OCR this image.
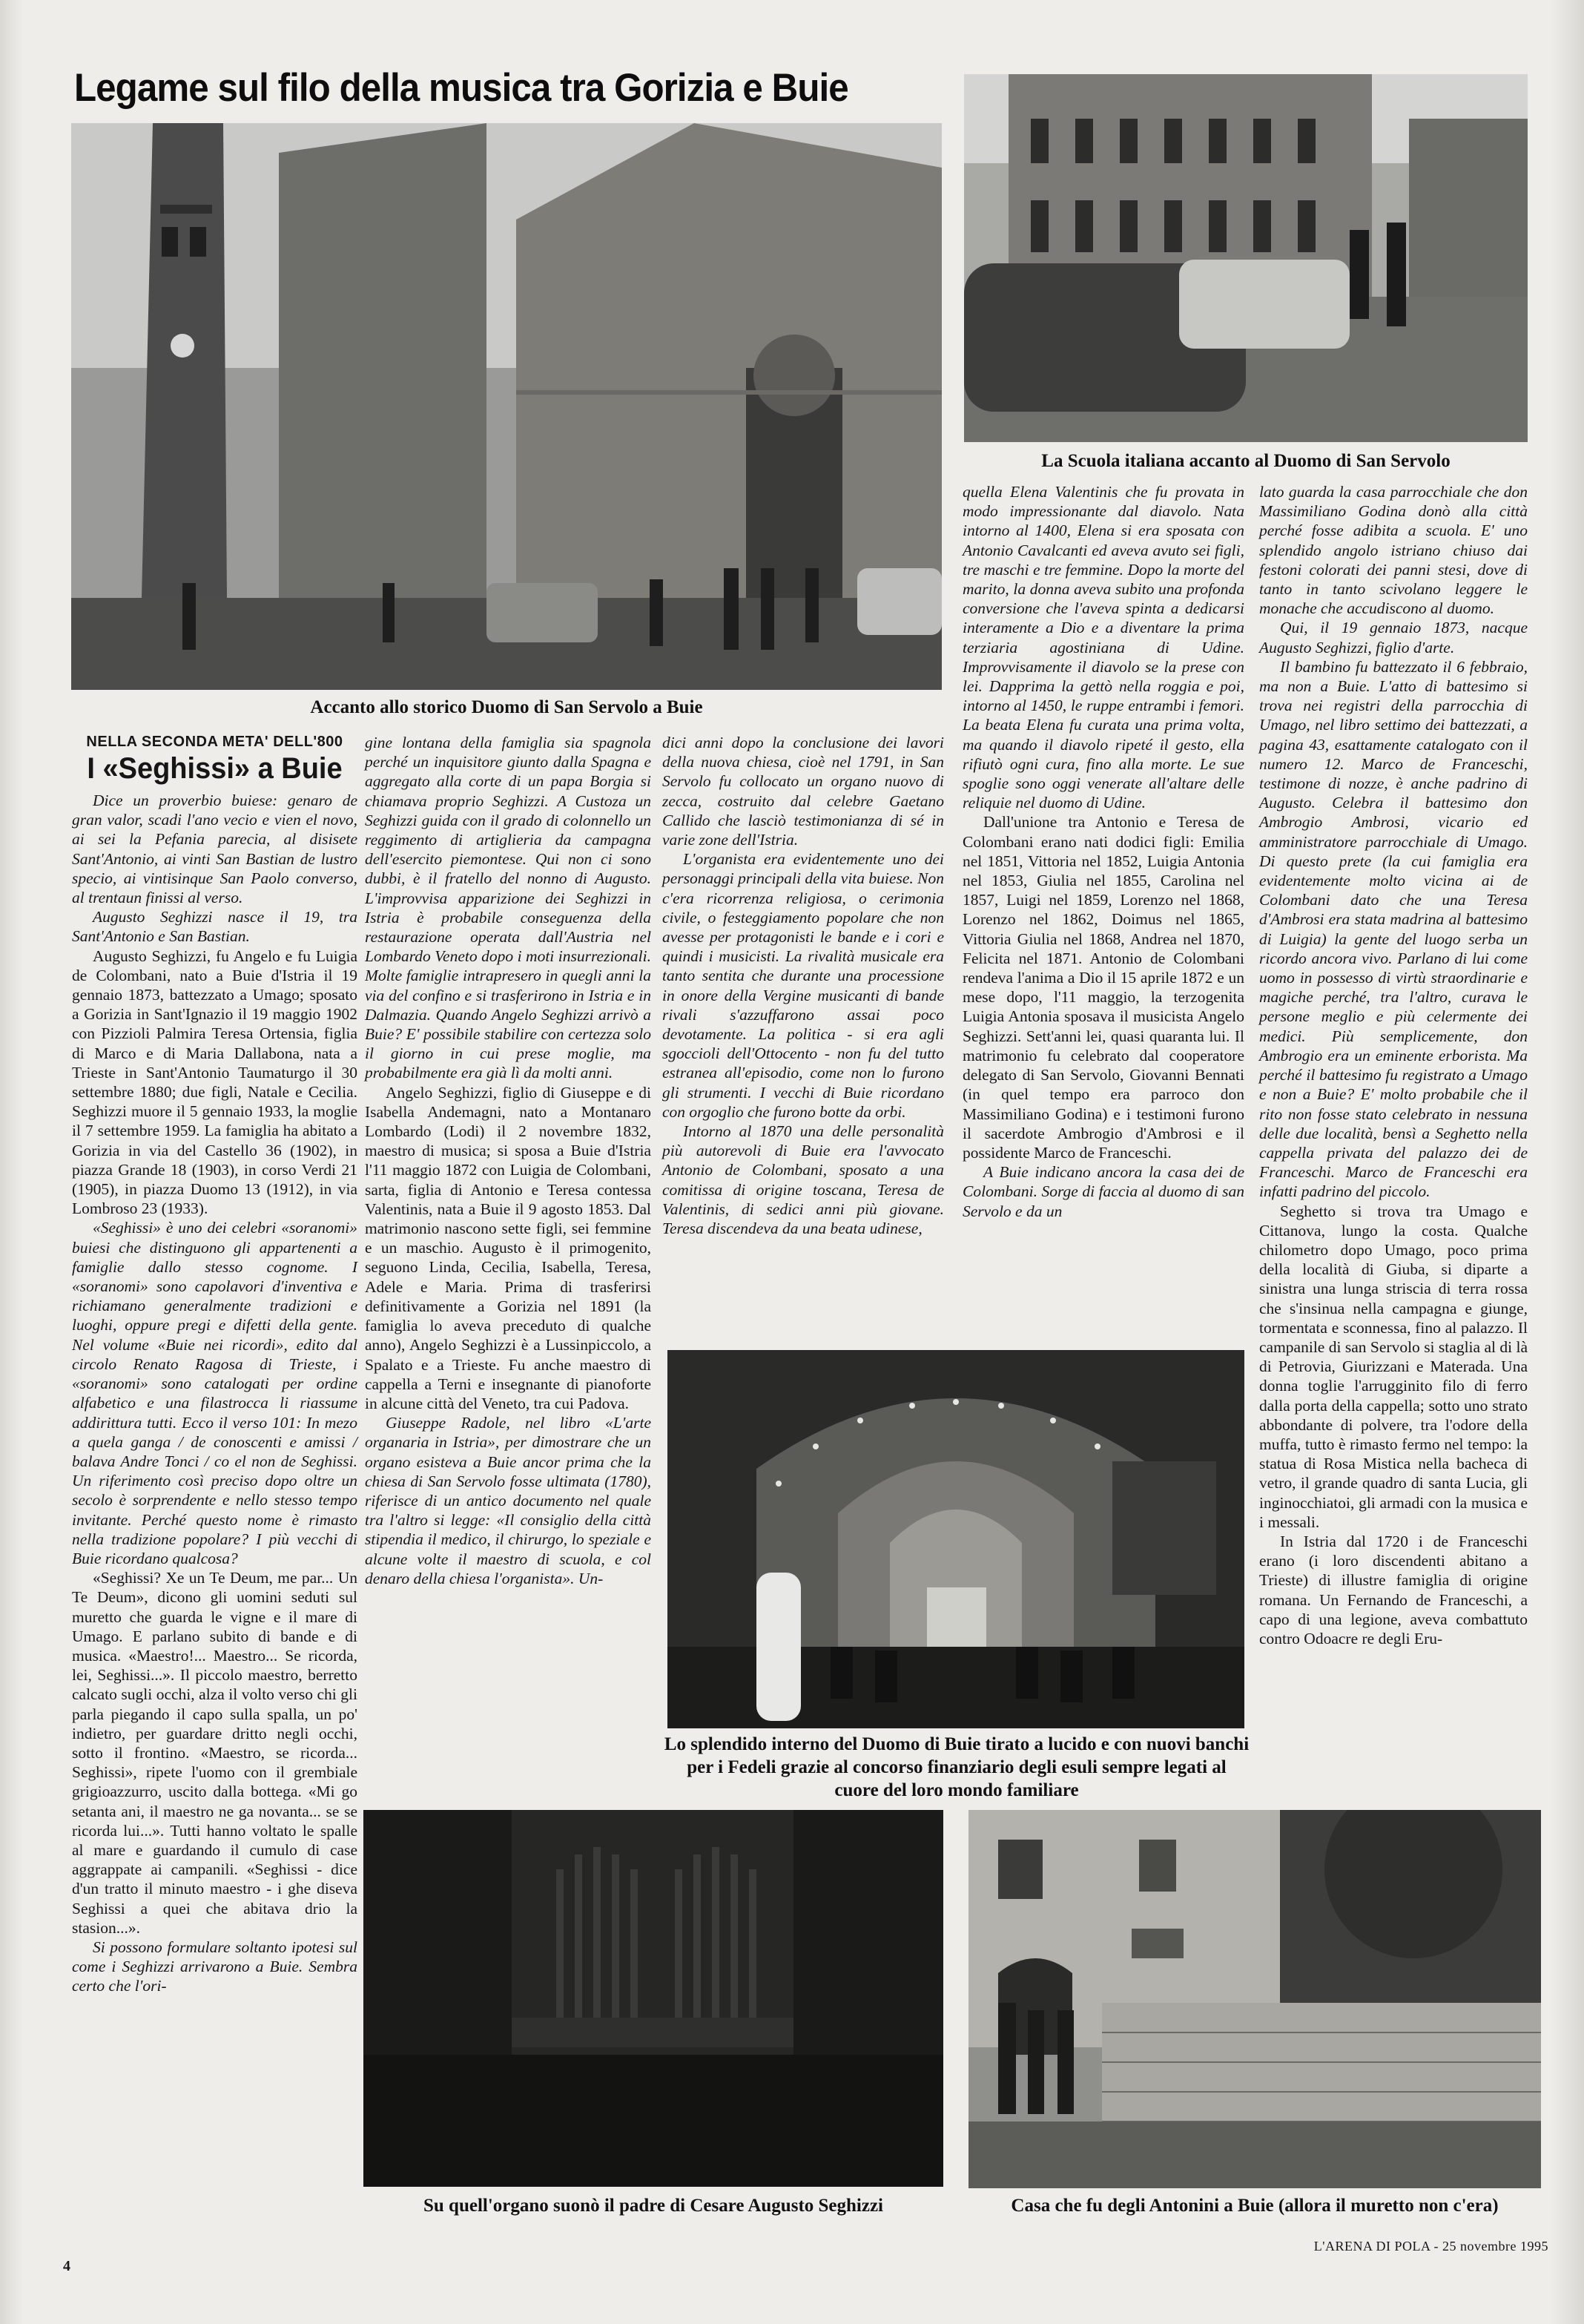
Legame sul filo della musica tra Gorizia e Buie
Accanto allo storico Duomo di San Servolo a Buie
La Scuola italiana accanto al Duomo di San Servolo
NELLA SECONDA META' DELL'800
I «Seghissi» a Buie

Dice un proverbio buiese: genaro de gran valor, scadi l'ano vecio e vien el novo, ai sei la Pefania parecia, al disisete Sant'Antonio, ai vinti San Bastian de lustro specio, ai vintisinque San Paolo converso, al trentaun finissi al verso.

Augusto Seghizzi nasce il 19, tra Sant'Antonio e San Bastian.

Augusto Seghizzi, fu Angelo e fu Luigia de Colombani, nato a Buie d'Istria il 19 gennaio 1873, battezzato a Umago; sposato a Gorizia in Sant'Ignazio il 19 maggio 1902 con Pizzioli Palmira Teresa Ortensia, figlia di Marco e di Maria Dallabona, nata a Trieste in Sant'Antonio Taumaturgo il 30 settembre 1880; due figli, Natale e Cecilia. Seghizzi muore il 5 gennaio 1933, la moglie il 7 settembre 1959. La famiglia ha abitato a Gorizia in via del Castello 36 (1902), in piazza Grande 18 (1903), in corso Verdi 21 (1905), in piazza Duomo 13 (1912), in via Lombroso 23 (1933).

«Seghissi» è uno dei celebri «soranomi» buiesi che distinguono gli appartenenti a famiglie dallo stesso cognome. I «soranomi» sono capolavori d'inventiva e richiamano generalmente tradizioni e luoghi, oppure pregi e difetti della gente. Nel volume «Buie nei ricordi», edito dal circolo Renato Ragosa di Trieste, i «soranomi» sono catalogati per ordine alfabetico e una filastrocca li riassume addirittura tutti. Ecco il verso 101: In mezo a quela ganga / de conoscenti e amissi / balava Andre Tonci / co el non de Seghissi. Un riferimento così preciso dopo oltre un secolo è sorprendente e nello stesso tempo invitante. Perché questo nome è rimasto nella tradizione popolare? I più vecchi di Buie ricordano qualcosa?

«Seghissi? Xe un Te Deum, me par... Un Te Deum», dicono gli uomini seduti sul muretto che guarda le vigne e il mare di Umago. E parlano subito di bande e di musica. «Maestro!... Maestro... Se ricorda, lei, Seghissi...». Il piccolo maestro, berretto calcato sugli occhi, alza il volto verso chi gli parla piegando il capo sulla spalla, un po' indietro, per guardare dritto negli occhi, sotto il frontino. «Maestro, se ricorda... Seghissi», ripete l'uomo con il grembiale grigioazzurro, uscito dalla bottega. «Mi go setanta ani, il maestro ne ga novanta... se se ricorda lui...». Tutti hanno voltato le spalle al mare e guardando il cumulo di case aggrappate ai campanili. «Seghissi - dice d'un tratto il minuto maestro - i ghe diseva Seghissi a quei che abitava drio la stasion...».

Si possono formulare soltanto ipotesi sul come i Seghizzi arrivarono a Buie. Sembra certo che l'ori-

gine lontana della famiglia sia spagnola perché un inquisitore giunto dalla Spagna e aggregato alla corte di un papa Borgia si chiamava proprio Seghizzi. A Custoza un Seghizzi guida con il grado di colonnello un reggimento di artiglieria da campagna dell'esercito piemontese. Qui non ci sono dubbi, è il fratello del nonno di Augusto. L'improvvisa apparizione dei Seghizzi in Istria è probabile conseguenza della restaurazione operata dall'Austria nel Lombardo Veneto dopo i moti insurrezionali. Molte famiglie intrapresero in quegli anni la via del confino e si trasferirono in Istria e in Dalmazia. Quando Angelo Seghizzi arrivò a Buie? E' possibile stabilire con certezza solo il giorno in cui prese moglie, ma probabilmente era già lì da molti anni.

Angelo Seghizzi, figlio di Giuseppe e di Isabella Andemagni, nato a Montanaro Lombardo (Lodi) il 2 novembre 1832, maestro di musica; si sposa a Buie d'Istria l'11 maggio 1872 con Luigia de Colombani, sarta, figlia di Antonio e Teresa contessa Valentinis, nata a Buie il 9 agosto 1853. Dal matrimonio nascono sette figli, sei femmine e un maschio. Augusto è il primogenito, seguono Linda, Cecilia, Isabella, Teresa, Adele e Maria. Prima di trasferirsi definitivamente a Gorizia nel 1891 (la famiglia lo aveva preceduto di qualche anno), Angelo Seghizzi è a Lussinpiccolo, a Spalato e a Trieste. Fu anche maestro di cappella a Terni e insegnante di pianoforte in alcune città del Veneto, tra cui Padova.

Giuseppe Radole, nel libro «L'arte organaria in Istria», per dimostrare che un organo esisteva a Buie ancor prima che la chiesa di San Servolo fosse ultimata (1780), riferisce di un antico documento nel quale tra l'altro si legge: «Il consiglio della città stipendia il medico, il chirurgo, lo speziale e alcune volte il maestro di scuola, e col denaro della chiesa l'organista». Un-

dici anni dopo la conclusione dei lavori della nuova chiesa, cioè nel 1791, in San Servolo fu collocato un organo nuovo di zecca, costruito dal celebre Gaetano Callido che lasciò testimonianza di sé in varie zone dell'Istria.

L'organista era evidentemente uno dei personaggi principali della vita buiese. Non c'era ricorrenza religiosa, o cerimonia civile, o festeggiamento popolare che non avesse per protagonisti le bande e i cori e quindi i musicisti. La rivalità musicale era tanto sentita che durante una processione in onore della Vergine musicanti di bande rivali s'azzuffarono assai poco devotamente. La politica - si era agli sgoccioli dell'Ottocento - non fu del tutto estranea all'episodio, come non lo furono gli strumenti. I vecchi di Buie ricordano con orgoglio che furono botte da orbi.

Intorno al 1870 una delle personalità più autorevoli di Buie era l'avvocato Antonio de Colombani, sposato a una comitissa di origine toscana, Teresa de Valentinis, di sedici anni più giovane. Teresa discendeva da una beata udinese,

quella Elena Valentinis che fu provata in modo impressionante dal diavolo. Nata intorno al 1400, Elena si era sposata con Antonio Cavalcanti ed aveva avuto sei figli, tre maschi e tre femmine. Dopo la morte del marito, la donna aveva subito una profonda conversione che l'aveva spinta a dedicarsi interamente a Dio e a diventare la prima terziaria agostiniana di Udine. Improvvisamente il diavolo se la prese con lei. Dapprima la gettò nella roggia e poi, intorno al 1450, le ruppe entrambi i femori. La beata Elena fu curata una prima volta, ma quando il diavolo ripeté il gesto, ella rifiutò ogni cura, fino alla morte. Le sue spoglie sono oggi venerate all'altare delle reliquie nel duomo di Udine.

Dall'unione tra Antonio e Teresa de Colombani erano nati dodici figli: Emilia nel 1851, Vittoria nel 1852, Luigia Antonia nel 1853, Giulia nel 1855, Carolina nel 1857, Luigi nel 1859, Lorenzo nel 1868, Lorenzo nel 1862, Doimus nel 1865, Vittoria Giulia nel 1868, Andrea nel 1870, Felicita nel 1871. Antonio de Colombani rendeva l'anima a Dio il 15 aprile 1872 e un mese dopo, l'11 maggio, la terzogenita Luigia Antonia sposava il musicista Angelo Seghizzi. Sett'anni lei, quasi quaranta lui. Il matrimonio fu celebrato dal cooperatore delegato di San Servolo, Giovanni Bennati (in quel tempo era parroco don Massimiliano Godina) e i testimoni furono il sacerdote Ambrogio d'Ambrosi e il possidente Marco de Franceschi.

A Buie indicano ancora la casa dei de Colombani. Sorge di faccia al duomo di san Servolo e da un

lato guarda la casa parrocchiale che don Massimiliano Godina donò alla città perché fosse adibita a scuola. E' uno splendido angolo istriano chiuso dai festoni colorati dei panni stesi, dove di tanto in tanto scivolano leggere le monache che accudiscono al duomo.

Qui, il 19 gennaio 1873, nacque Augusto Seghizzi, figlio d'arte.

Il bambino fu battezzato il 6 febbraio, ma non a Buie. L'atto di battesimo si trova nei registri della parrocchia di Umago, nel libro settimo dei battezzati, a pagina 43, esattamente catalogato con il numero 12. Marco de Franceschi, testimone di nozze, è anche padrino di Augusto. Celebra il battesimo don Ambrogio Ambrosi, vicario ed amministratore parrocchiale di Umago. Di questo prete (la cui famiglia era evidentemente molto vicina ai de Colombani dato che una Teresa d'Ambrosi era stata madrina al battesimo di Luigia) la gente del luogo serba un ricordo ancora vivo. Parlano di lui come uomo in possesso di virtù straordinarie e magiche perché, tra l'altro, curava le persone meglio e più celermente dei medici. Più semplicemente, don Ambrogio era un eminente erborista. Ma perché il battesimo fu registrato a Umago e non a Buie? E' molto probabile che il rito non fosse stato celebrato in nessuna delle due località, bensì a Seghetto nella cappella privata del palazzo dei de Franceschi. Marco de Franceschi era infatti padrino del piccolo.

Seghetto si trova tra Umago e Cittanova, lungo la costa. Qualche chilometro dopo Umago, poco prima della località di Giuba, si diparte a sinistra una lunga striscia di terra rossa che s'insinua nella campagna e giunge, tormentata e sconnessa, fino al palazzo. Il campanile di san Servolo si staglia al di là di Petrovia, Giurizzani e Materada. Una donna toglie l'arrugginito filo di ferro dalla porta della cappella; sotto uno strato abbondante di polvere, tra l'odore della muffa, tutto è rimasto fermo nel tempo: la statua di Rosa Mistica nella bacheca di vetro, il grande quadro di santa Lucia, gli inginocchiatoi, gli armadi con la musica e i messali.

In Istria dal 1720 i de Franceschi erano (i loro discendenti abitano a Trieste) di illustre famiglia di origine romana. Un Fernando de Franceschi, a capo di una legione, aveva combattuto contro Odoacre re degli Eru-

Lo splendido interno del Duomo di Buie tirato a lucido e con nuovi banchi per i Fedeli grazie al concorso finanziario degli esuli sempre legati al cuore del loro mondo familiare
Su quell'organo suonò il padre di Cesare Augusto Seghizzi	Casa che fu degli Antonini a Buie (allora il muretto non c'era)
4
L'ARENA DI POLA - 25 novembre 1995
